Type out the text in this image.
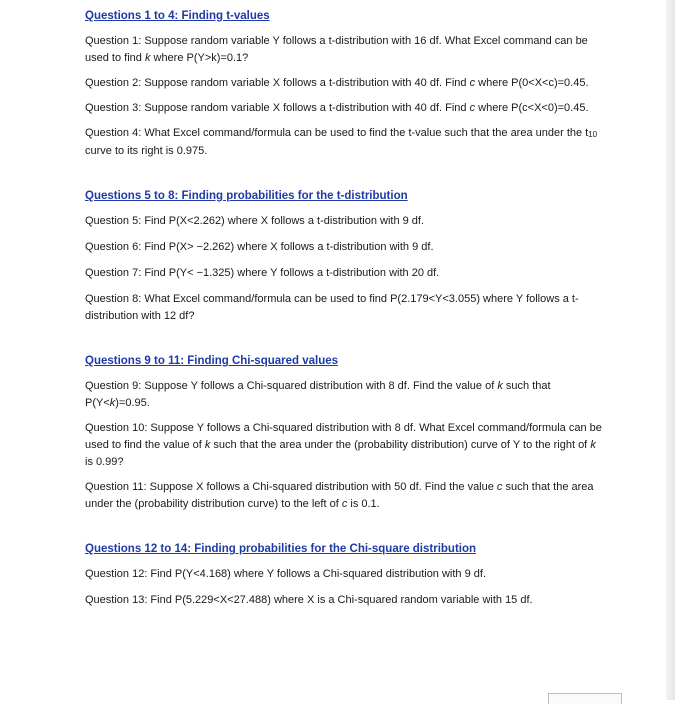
Questions 1 to 4: Finding t-values

Question 1: Suppose random variable Y follows a t-distribution with 16 df. What Excel command can be used to find k where P(Y>k)=0.1?

Question 2: Suppose random variable X follows a t-distribution with 40 df. Find c where P(0<X<c)=0.45.

Question 3: Suppose random variable X follows a t-distribution with 40 df. Find c where P(c<X<0)=0.45.

Question 4: What Excel command/formula can be used to find the t-value such that the area under the t10 curve to its right is 0.975.

Questions 5 to 8: Finding probabilities for the t-distribution

Question 5: Find P(X<2.262) where X follows a t-distribution with 9 df.

Question 6: Find P(X> −2.262) where X follows a t-distribution with 9 df.

Question 7: Find P(Y< −1.325) where Y follows a t-distribution with 20 df.

Question 8: What Excel command/formula can be used to find P(2.179<Y<3.055) where Y follows a t-distribution with 12 df?

Questions 9 to 11: Finding Chi-squared values

Question 9: Suppose Y follows a Chi-squared distribution with 8 df. Find the value of k such that P(Y<k)=0.95.

Question 10: Suppose Y follows a Chi-squared distribution with 8 df. What Excel command/formula can be used to find the value of k such that the area under the (probability distribution) curve of Y to the right of k is 0.99?

Question 11: Suppose X follows a Chi-squared distribution with 50 df. Find the value c such that the area under the (probability distribution curve) to the left of c is 0.1.

Questions 12 to 14: Finding probabilities for the Chi-square distribution

Question 12: Find P(Y<4.168) where Y follows a Chi-squared distribution with 9 df.

Question 13: Find P(5.229<X<27.488) where X is a Chi-squared random variable with 15 df.
